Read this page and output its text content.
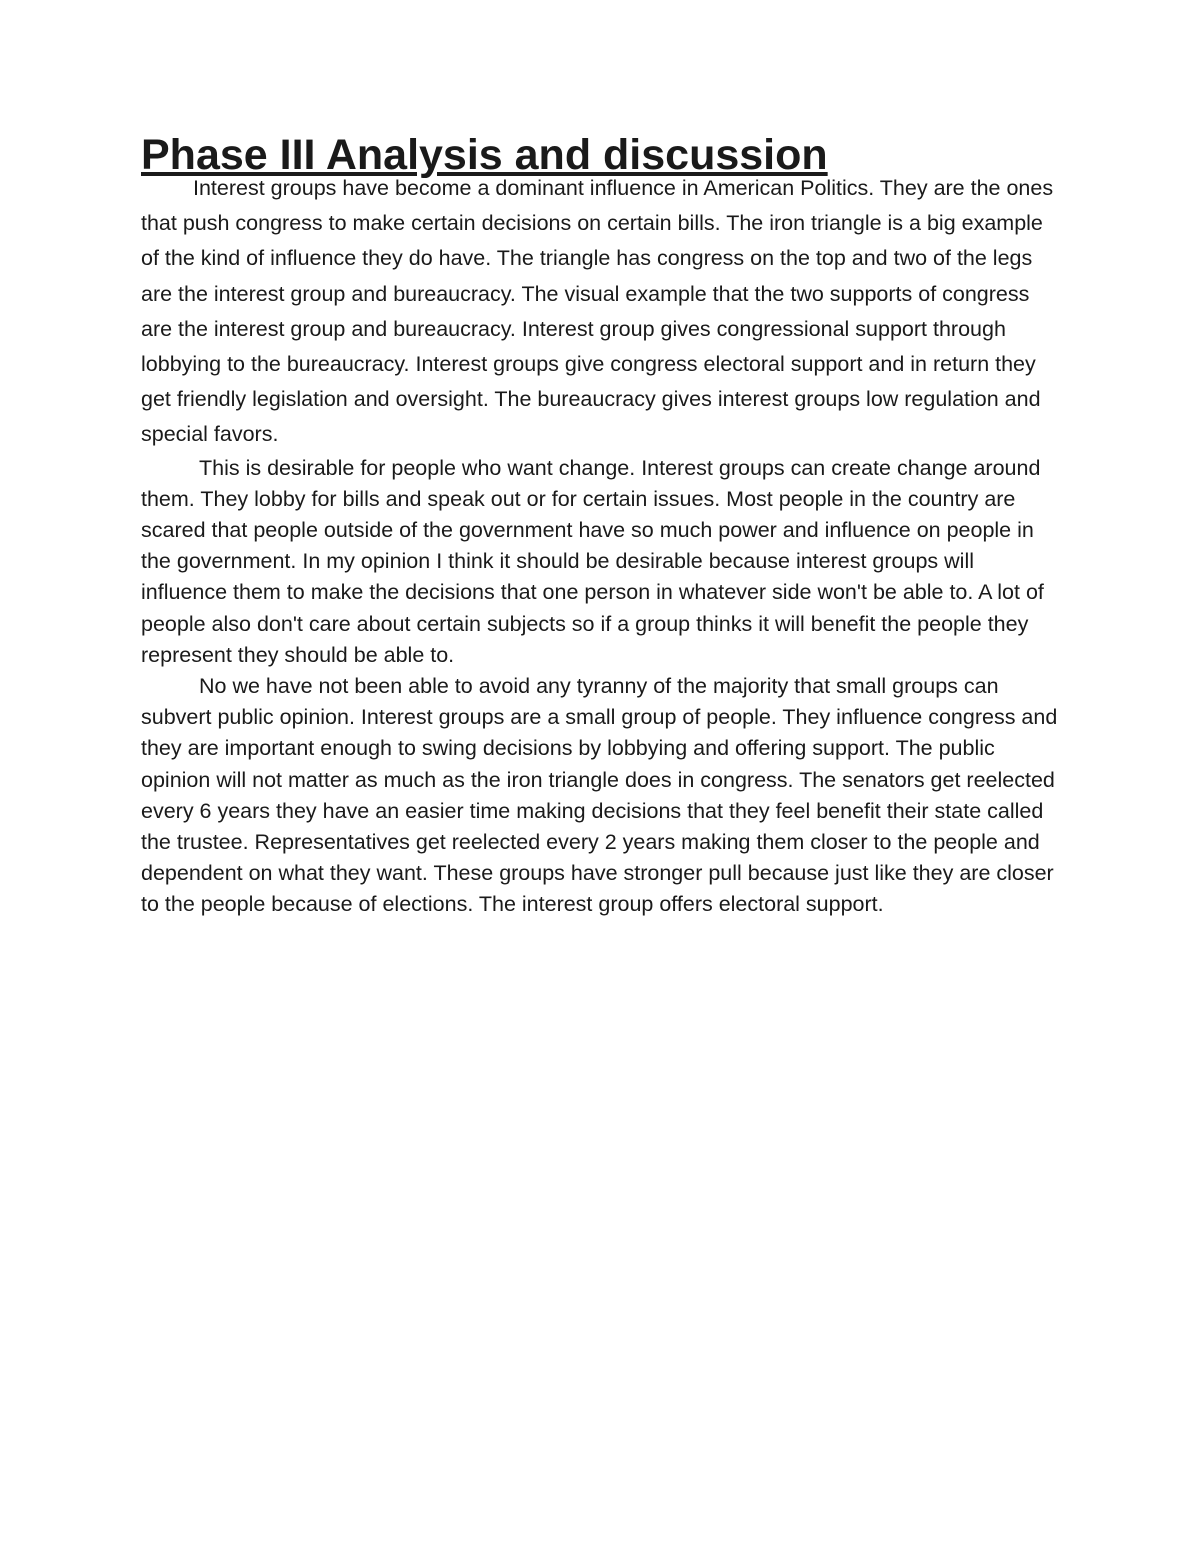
Phase III Analysis and discussion

Interest groups have become a dominant influence in American Politics. They are the ones that push congress to make certain decisions on certain bills. The iron triangle is a big example of the kind of influence they do have. The triangle has congress on the top and two of the legs are the interest group and bureaucracy. The visual example that the two supports of congress are the interest group and bureaucracy. Interest group gives congressional support through lobbying to the bureaucracy. Interest groups give congress electoral support and in return they get friendly legislation and oversight. The bureaucracy gives interest groups low regulation and special favors.

This is desirable for people who want change. Interest groups can create change around them. They lobby for bills and speak out or for certain issues. Most people in the country are scared that people outside of the government have so much power and influence on people in the government. In my opinion I think it should be desirable because interest groups will influence them to make the decisions that one person in whatever side won't be able to. A lot of people also don't care about certain subjects so if a group thinks it will benefit the people they represent they should be able to.

No we have not been able to avoid any tyranny of the majority that small groups can subvert public opinion. Interest groups are a small group of people. They influence congress and they are important enough to swing decisions by lobbying and offering support. The public opinion will not matter as much as the iron triangle does in congress. The senators get reelected every 6 years they have an easier time making decisions that they feel benefit their state called the trustee. Representatives get reelected every 2 years making them closer to the people and dependent on what they want. These groups have stronger pull because just like they are closer to the people because of elections. The interest group offers electoral support.
